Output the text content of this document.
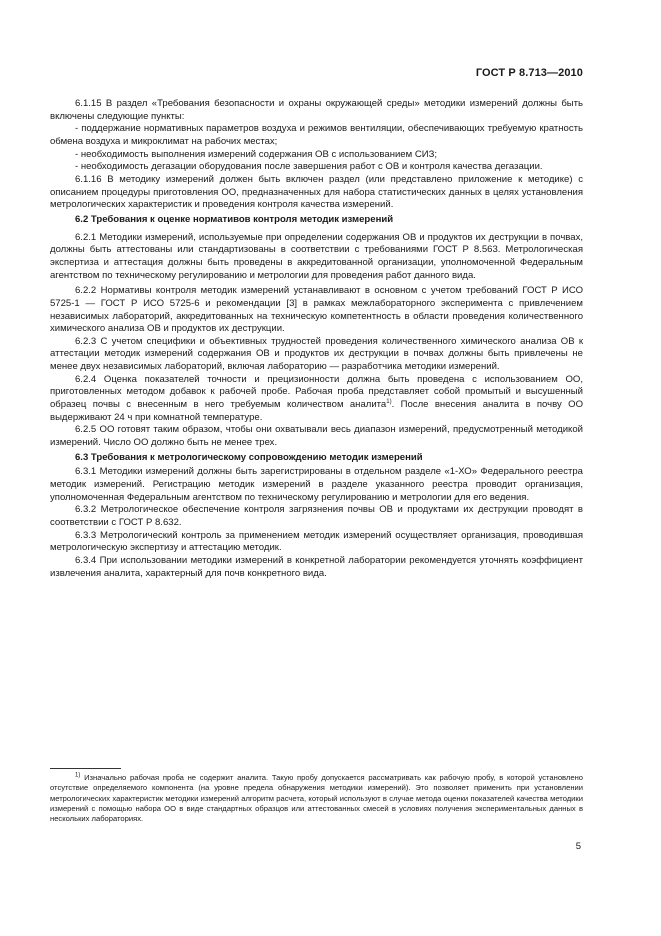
ГОСТ Р 8.713—2010

6.1.15 В раздел «Требования безопасности и охраны окружающей среды» методики измерений должны быть включены следующие пункты:

- поддержание нормативных параметров воздуха и режимов вентиляции, обеспечивающих требуемую кратность обмена воздуха и микроклимат на рабочих местах;

- необходимость выполнения измерений содержания ОВ с использованием СИЗ;

- необходимость дегазации оборудования после завершения работ с ОВ и контроля качества дегазации.

6.1.16 В методику измерений должен быть включен раздел (или представлено приложение к методике) с описанием процедуры приготовления ОО, предназначенных для набора статистических данных в целях установления метрологических характеристик и проведения контроля качества измерений.

6.2 Требования к оценке нормативов контроля методик измерений

6.2.1 Методики измерений, используемые при определении содержания ОВ и продуктов их деструкции в почвах, должны быть аттестованы или стандартизованы в соответствии с требованиями ГОСТ Р 8.563. Метрологическая экспертиза и аттестация должны быть проведены в аккредитованной организации, уполномоченной Федеральным агентством по техническому регулированию и метрологии для проведения работ данного вида.

6.2.2 Нормативы контроля методик измерений устанавливают в основном с учетом требований ГОСТ Р ИСО 5725-1 — ГОСТ Р ИСО 5725-6 и рекомендации [3] в рамках межлабораторного эксперимента с привлечением независимых лабораторий, аккредитованных на техническую компетентность в области проведения количественного химического анализа ОВ и продуктов их деструкции.

6.2.3 С учетом специфики и объективных трудностей проведения количественного химического анализа ОВ к аттестации методик измерений содержания ОВ и продуктов их деструкции в почвах должны быть привлечены не менее двух независимых лабораторий, включая лабораторию — разработчика методики измерений.

6.2.4 Оценка показателей точности и прецизионности должна быть проведена с использованием ОО, приготовленных методом добавок к рабочей пробе. Рабочая проба представляет собой промытый и высушенный образец почвы с внесенным в него требуемым количеством аналита$^{1)}$. После внесения аналита в почву ОО выдерживают 24 ч при комнатной температуре.

6.2.5 ОО готовят таким образом, чтобы они охватывали весь диапазон измерений, предусмотренный методикой измерений. Число ОО должно быть не менее трех.

6.3 Требования к метрологическому сопровождению методик измерений

6.3.1 Методики измерений должны быть зарегистрированы в отдельном разделе «1-ХО» Федерального реестра методик измерений. Регистрацию методик измерений в разделе указанного реестра проводит организация, уполномоченная Федеральным агентством по техническому регулированию и метрологии для его ведения.

6.3.2 Метрологическое обеспечение контроля загрязнения почвы ОВ и продуктами их деструкции проводят в соответствии с ГОСТ Р 8.632.

6.3.3 Метрологический контроль за применением методик измерений осуществляет организация, проводившая метрологическую экспертизу и аттестацию методик.

6.3.4 При использовании методики измерений в конкретной лаборатории рекомендуется уточнять коэффициент извлечения аналита, характерный для почв конкретного вида.

$^{1)}$ Изначально рабочая проба не содержит аналита. Такую пробу допускается рассматривать как рабочую пробу, в которой установлено отсутствие определяемого компонента (на уровне предела обнаружения методики измерений). Это позволяет применить при установлении метрологических характеристик методики измерений алгоритм расчета, который используют в случае метода оценки показателей качества методики измерений с помощью набора ОО в виде стандартных образцов или аттестованных смесей в условиях получения экспериментальных данных в нескольких лабораториях.

5
